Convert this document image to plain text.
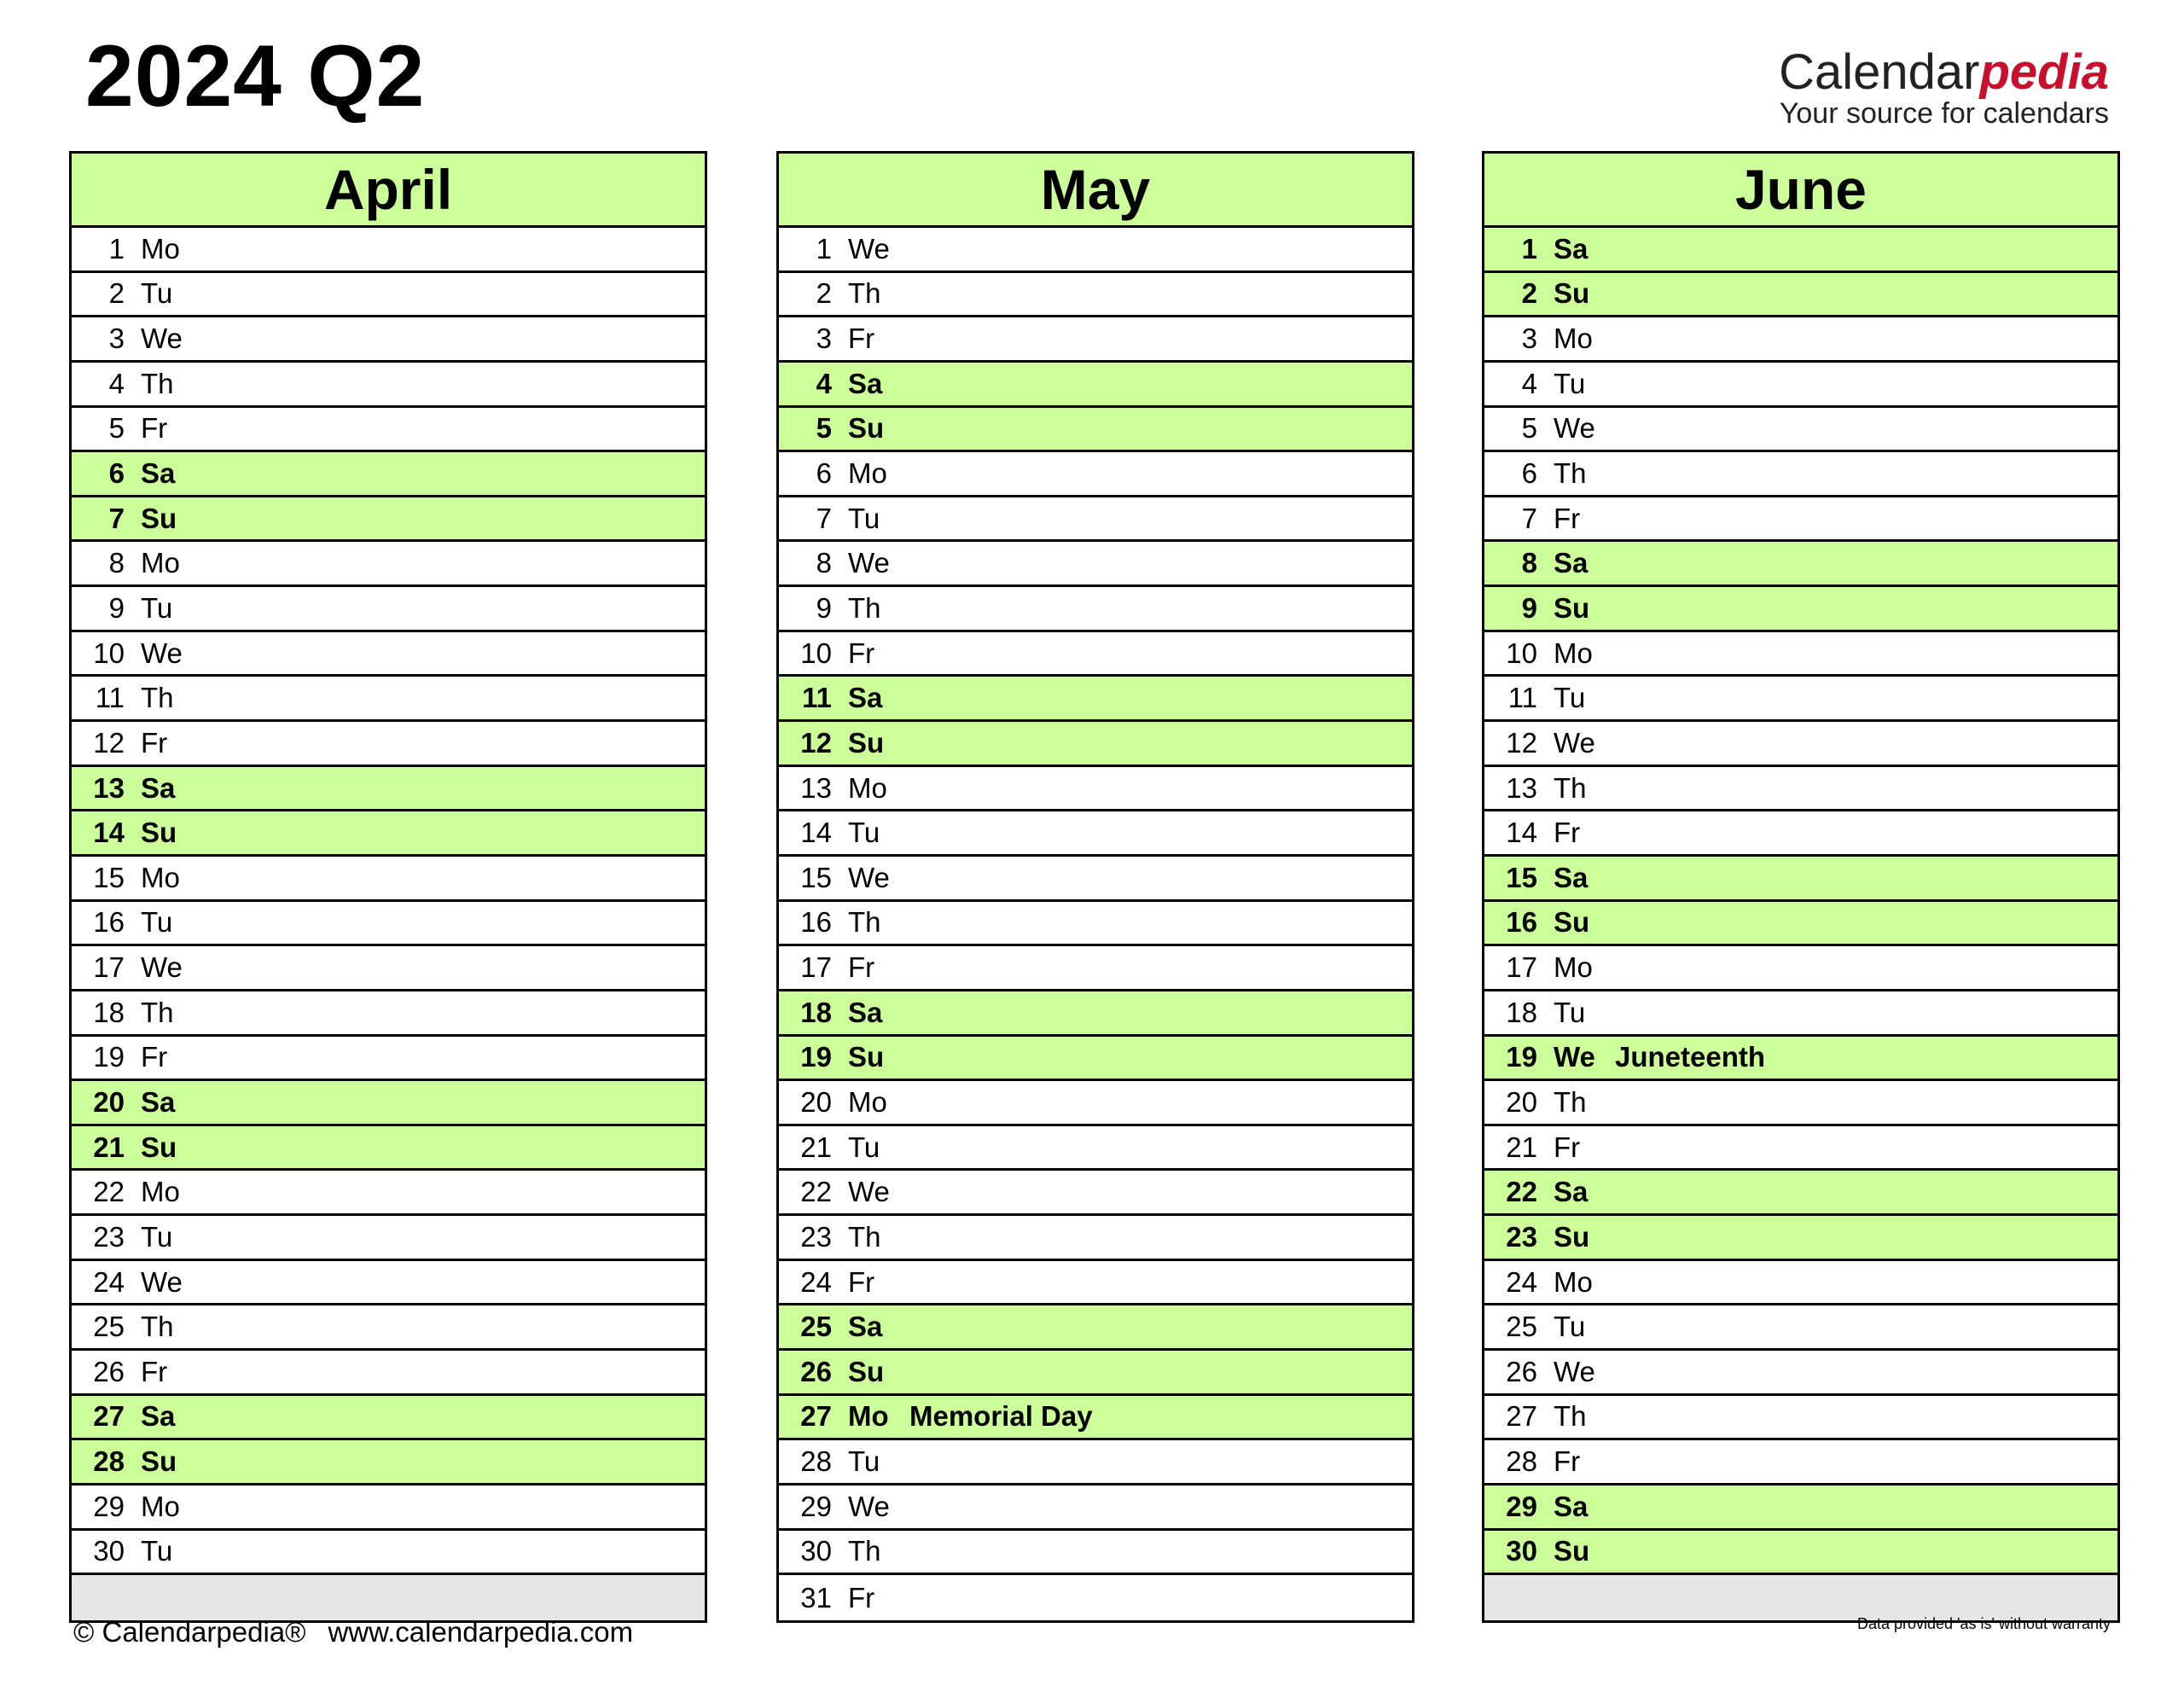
2024 Q2	Calendarpedia
Your source for calendars
April
1 Mo
2 Tu
3 We
4 Th
5 Fr
6 Sa
7 Su
8 Mo
9 Tu
10 We
11 Th
12 Fr
13 Sa
14 Su
15 Mo
16 Tu
17 We
18 Th
19 Fr
20 Sa
21 Su
22 Mo
23 Tu
24 We
25 Th
26 Fr
27 Sa
28 Su
29 Mo
30 Tu
May
1 We
2 Th
3 Fr
4 Sa
5 Su
6 Mo
7 Tu
8 We
9 Th
10 Fr
11 Sa
12 Su
13 Mo
14 Tu
15 We
16 Th
17 Fr
18 Sa
19 Su
20 Mo
21 Tu
22 We
23 Th
24 Fr
25 Sa
26 Su
27 Mo Memorial Day
28 Tu
29 We
30 Th
31 Fr
June
1 Sa
2 Su
3 Mo
4 Tu
5 We
6 Th
7 Fr
8 Sa
9 Su
10 Mo
11 Tu
12 We
13 Th
14 Fr
15 Sa
16 Su
17 Mo
18 Tu
19 We Juneteenth
20 Th
21 Fr
22 Sa
23 Su
24 Mo
25 Tu
26 We
27 Th
28 Fr
29 Sa
30 Su
© Calendarpedia® www.calendarpedia.com	Data provided 'as is' without warranty
